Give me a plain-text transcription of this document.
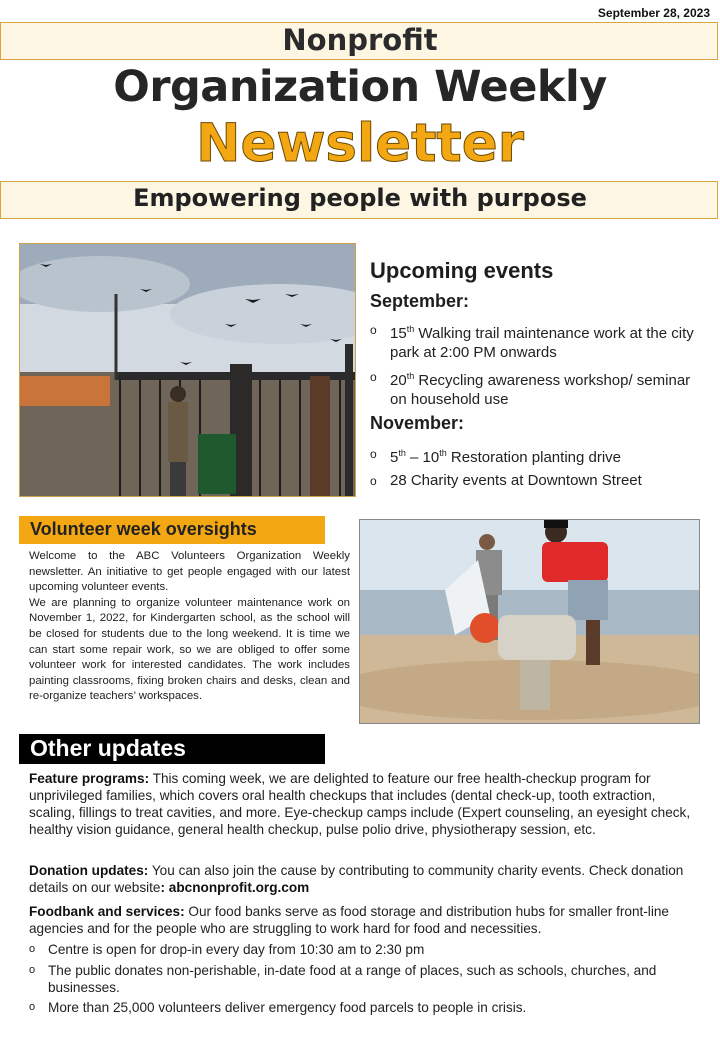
September 28, 2023
Nonprofit
Organization Weekly
Newsletter
Empowering people with purpose
Upcoming events
September:
o 15th Walking trail maintenance work at the city park at 2:00 PM onwards
o 20th Recycling awareness workshop/ seminar on household use
November:
o 5th – 10th Restoration planting drive
o 28 Charity events at Downtown Street
Volunteer week oversights

Welcome to the ABC Volunteers Organization Weekly newsletter. An initiative to get people engaged with our latest upcoming volunteer events.

We are planning to organize volunteer maintenance work on November 1, 2022, for Kindergarten school, as the school will be closed for students due to the long weekend. It is time we can start some repair work, so we are obliged to offer some volunteer work for interested candidates. The work includes painting classrooms, fixing broken chairs and desks, clean and re-organize teachers’ workspaces.

Other updates

Feature programs: This coming week, we are delighted to feature our free health-checkup program for unprivileged families, which covers oral health checkups that includes (dental check-up, tooth extraction, scaling, fillings to treat cavities, and more. Eye-checkup camps include (Expert counseling, an eyesight check, healthy vision guidance, general health checkup, pulse polio drive, physiotherapy session, etc.

Donation updates: You can also join the cause by contributing to community charity events. Check donation details on our website: abcnonprofit.org.com

Foodbank and services: Our food banks serve as food storage and distribution hubs for smaller front-line agencies and for the people who are struggling to work hard for food and necessities.

o Centre is open for drop-in every day from 10:30 am to 2:30 pm
o The public donates non-perishable, in-date food at a range of places, such as schools, churches, and businesses.
o More than 25,000 volunteers deliver emergency food parcels to people in crisis.
